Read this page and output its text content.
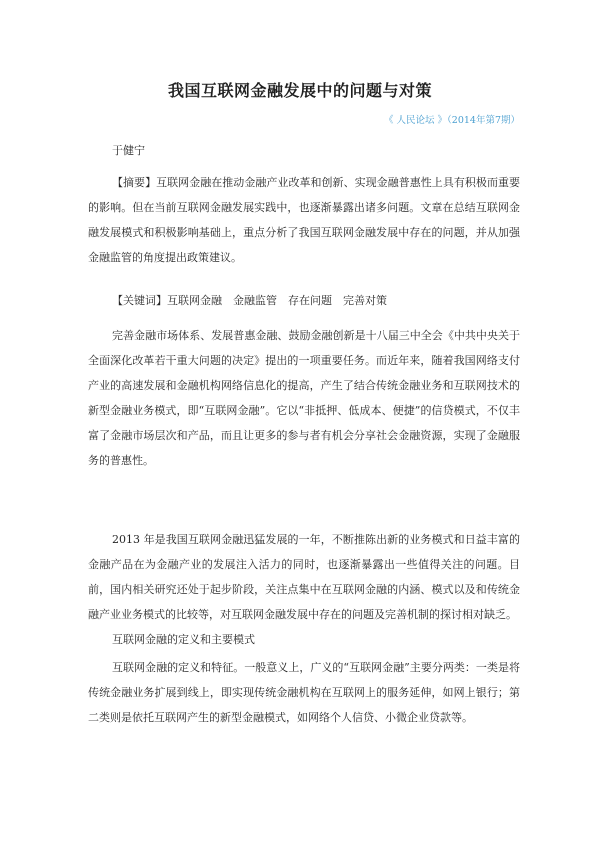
我国互联网金融发展中的问题与对策
《 人民论坛 》（2014年第7期）
于健宁

【摘要】互联网金融在推动金融产业改革和创新、实现金融普惠性上具有积极而重要的影响。但在当前互联网金融发展实践中，也逐渐暴露出诸多问题。文章在总结互联网金融发展模式和积极影响基础上，重点分析了我国互联网金融发展中存在的问题，并从加强金融监管的角度提出政策建议。

【关键词】互联网金融　金融监管　存在问题　完善对策

完善金融市场体系、发展普惠金融、鼓励金融创新是十八届三中全会《中共中央关于全面深化改革若干重大问题的决定》提出的一项重要任务。而近年来，随着我国网络支付产业的高速发展和金融机构网络信息化的提高，产生了结合传统金融业务和互联网技术的新型金融业务模式，即“互联网金融”。它以“非抵押、低成本、便捷”的信贷模式，不仅丰富了金融市场层次和产品，而且让更多的参与者有机会分享社会金融资源，实现了金融服务的普惠性。

2013 年是我国互联网金融迅猛发展的一年，不断推陈出新的业务模式和日益丰富的金融产品在为金融产业的发展注入活力的同时，也逐渐暴露出一些值得关注的问题。目前，国内相关研究还处于起步阶段，关注点集中在互联网金融的内涵、模式以及和传统金融产业业务模式的比较等，对互联网金融发展中存在的问题及完善机制的探讨相对缺乏。

互联网金融的定义和主要模式

互联网金融的定义和特征。一般意义上，广义的“互联网金融”主要分两类：一类是将传统金融业务扩展到线上，即实现传统金融机构在互联网上的服务延伸，如网上银行；第二类则是依托互联网产生的新型金融模式，如网络个人信贷、小微企业贷款等。
